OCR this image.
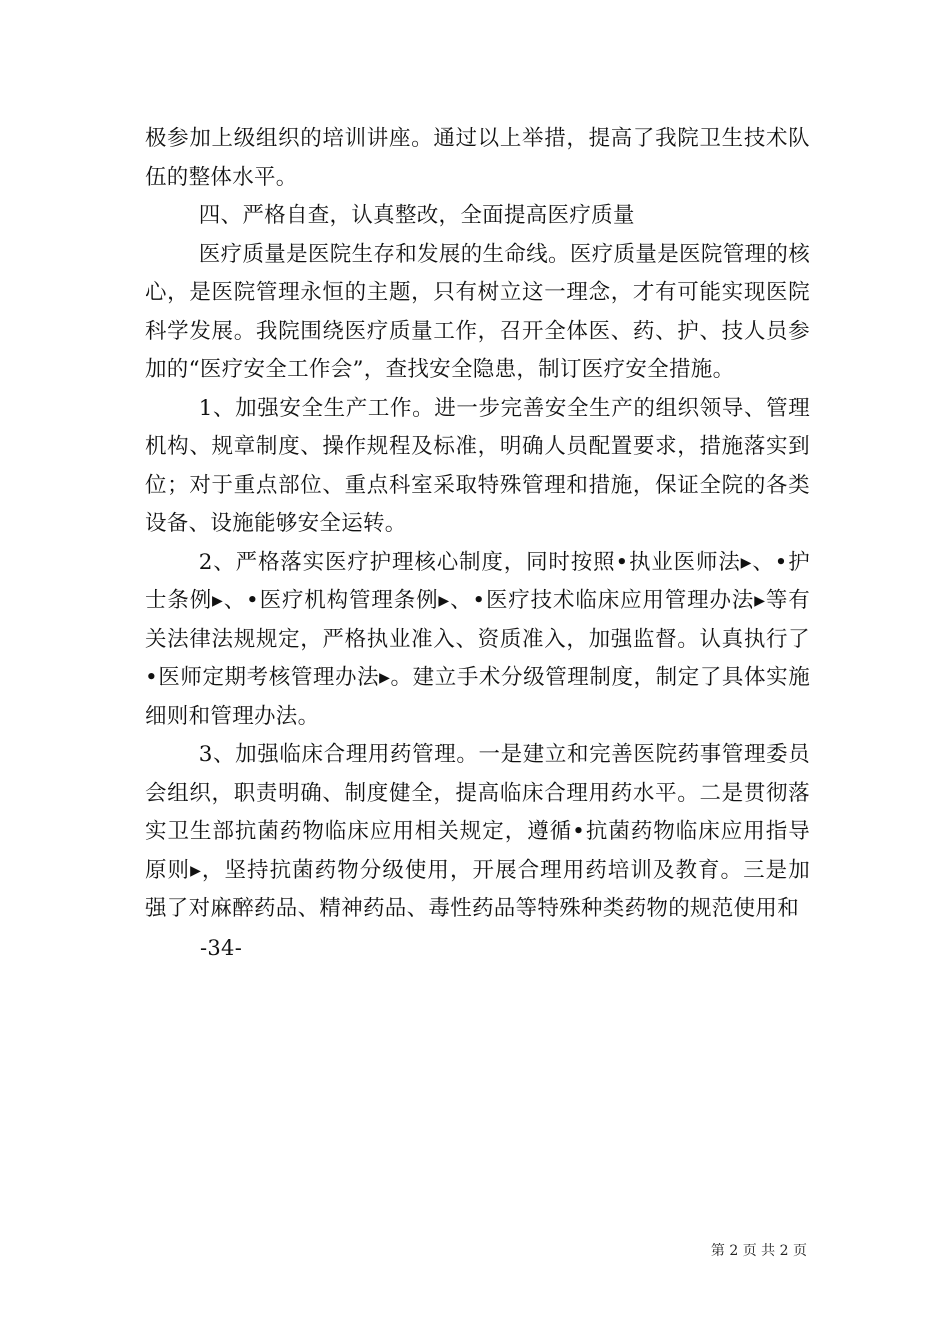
极参加上级组织的培训讲座。通过以上举措，提高了我院卫生技术队伍的整体水平。

四、严格自查，认真整改，全面提高医疗质量

医疗质量是医院生存和发展的生命线。医疗质量是医院管理的核心，是医院管理永恒的主题，只有树立这一理念，才有可能实现医院科学发展。我院围绕医疗质量工作，召开全体医、药、护、技人员参加的“医疗安全工作会”，查找安全隐患，制订医疗安全措施。

1、加强安全生产工作。进一步完善安全生产的组织领导、管理机构、规章制度、操作规程及标准，明确人员配置要求，措施落实到位；对于重点部位、重点科室采取特殊管理和措施，保证全院的各类设备、设施能够安全运转。

2、严格落实医疗护理核心制度，同时按照•执业医师法▸、•护士条例▸、•医疗机构管理条例▸、•医疗技术临床应用管理办法▸等有关法律法规规定，严格执业准入、资质准入，加强监督。认真执行了•医师定期考核管理办法▸。建立手术分级管理制度，制定了具体实施细则和管理办法。

3、加强临床合理用药管理。一是建立和完善医院药事管理委员会组织，职责明确、制度健全，提高临床合理用药水平。二是贯彻落实卫生部抗菌药物临床应用相关规定，遵循•抗菌药物临床应用指导原则▸，坚持抗菌药物分级使用，开展合理用药培训及教育。三是加强了对麻醉药品、精神药品、毒性药品等特殊种类药物的规范使用和

-34-

第 2 页 共 2 页
